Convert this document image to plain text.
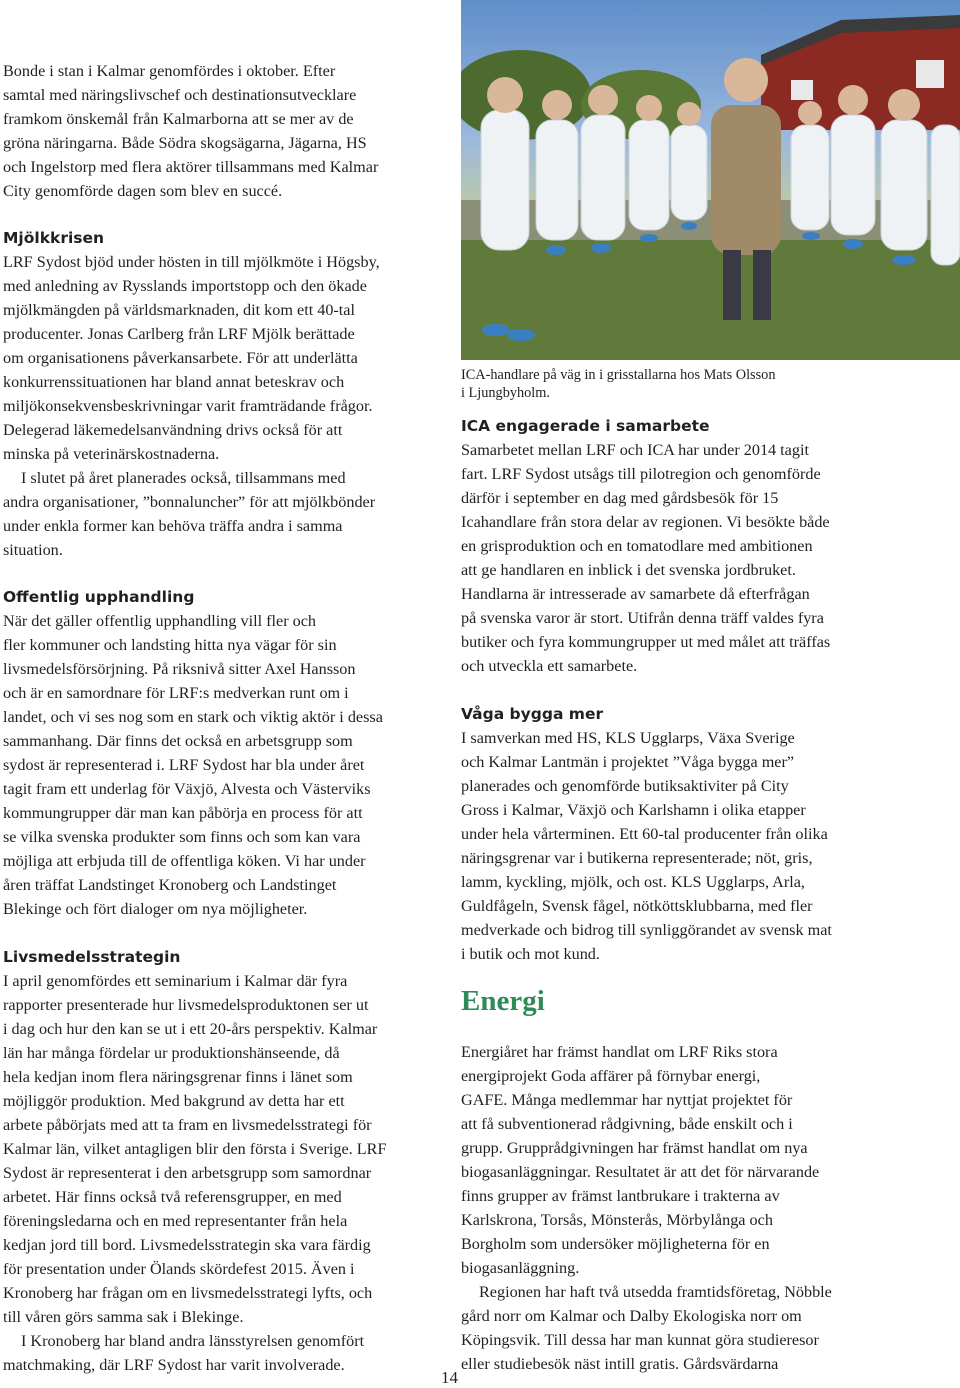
Bonde i stan i Kalmar genomfördes i oktober. Efter
samtal med näringslivschef och destinationsutvecklare
framkom önskemål från Kalmarborna att se mer av de
gröna näringarna. Både Södra skogsägarna, Jägarna, HS
och Ingelstorp med flera aktörer tillsammans med Kalmar
City genomförde dagen som blev en succé.
Mjölkkrisen
LRF Sydost bjöd under hösten in till mjölkmöte i Högsby,
med anledning av Rysslands importstopp och den ökade
mjölkmängden på världsmarknaden, dit kom ett 40-tal
producenter. Jonas Carlberg från LRF Mjölk berättade
om organisationens påverkansarbete. För att underlätta
konkurrenssituationen har bland annat beteskrav och
miljökonsekvensbeskrivningar varit framträdande frågor.
Delegerad läkemedelsanvändning drivs också för att
minska på veterinärskostnaderna.
I slutet på året planerades också, tillsammans med
andra organisationer, ”bonnaluncher” för att mjölkbönder
under enkla former kan behöva träffa andra i samma
situation.
Offentlig upphandling
När det gäller offentlig upphandling vill fler och
fler kommuner och landsting hitta nya vägar för sin
livsmedelsförsörjning. På riksnivå sitter Axel Hansson
och är en samordnare för LRF:s medverkan runt om i
landet, och vi ses nog som en stark och viktig aktör i dessa
sammanhang. Där finns det också en arbetsgrupp som
sydost är representerad i. LRF Sydost har bla under året
tagit fram ett underlag för Växjö, Alvesta och Västerviks
kommungrupper där man kan påbörja en process för att
se vilka svenska produkter som finns och som kan vara
möjliga att erbjuda till de offentliga köken. Vi har under
åren träffat Landstinget Kronoberg och Landstinget
Blekinge och fört dialoger om nya möjligheter.
Livsmedelsstrategin
I april genomfördes ett seminarium i Kalmar där fyra
rapporter presenterade hur livsmedelsproduktonen ser ut
i dag och hur den kan se ut i ett 20-års perspektiv. Kalmar
län har många fördelar ur produktionshänseende, då
hela kedjan inom flera näringsgrenar finns i länet som
möjliggör produktion. Med bakgrund av detta har ett
arbete påbörjats med att ta fram en livsmedelsstrategi för
Kalmar län, vilket antagligen blir den första i Sverige. LRF
Sydost är representerat i den arbetsgrupp som samordnar
arbetet. Här finns också två referensgrupper, en med
föreningsledarna och en med representanter från hela
kedjan jord till bord. Livsmedelsstrategin ska vara färdig
för presentation under Ölands skördefest 2015. Även i
Kronoberg har frågan om en livsmedelsstrategi lyfts, och
till våren görs samma sak i Blekinge.
I Kronoberg har bland andra länsstyrelsen genomfört
matchmaking, där LRF Sydost har varit involverade.
ICA-handlare på väg in i grisstallarna hos Mats Olsson
i Ljungbyholm.
ICA engagerade i samarbete
Samarbetet mellan LRF och ICA har under 2014 tagit
fart. LRF Sydost utsågs till pilotregion och genomförde
därför i september en dag med gårdsbesök för 15
Icahandlare från stora delar av regionen. Vi besökte både
en grisproduktion och en tomatodlare med ambitionen
att ge handlaren en inblick i det svenska jordbruket.
Handlarna är intresserade av samarbete då efterfrågan
på svenska varor är stort. Utifrån denna träff valdes fyra
butiker och fyra kommungrupper ut med målet att träffas
och utveckla ett samarbete.
Våga bygga mer
I samverkan med HS, KLS Ugglarps, Växa Sverige
och Kalmar Lantmän i projektet ”Våga bygga mer”
planerades och genomförde butiksaktiviter på City
Gross i Kalmar, Växjö och Karlshamn i olika etapper
under hela vårterminen. Ett 60-tal producenter från olika
näringsgrenar var i butikerna representerade; nöt, gris,
lamm, kyckling, mjölk, och ost. KLS Ugglarps, Arla,
Guldfågeln, Svensk fågel, nötköttsklubbarna, med fler
medverkade och bidrog till synliggörandet av svensk mat
i butik och mot kund.
Energi
Energiåret har främst handlat om LRF Riks stora
energiprojekt Goda affärer på förnybar energi,
GAFE. Många medlemmar har nyttjat projektet för
att få subventionerad rådgivning, både enskilt och i
grupp. Grupprådgivningen har främst handlat om nya
biogasanläggningar. Resultatet är att det för närvarande
finns grupper av främst lantbrukare i trakterna av
Karlskrona, Torsås, Mönsterås, Mörbylånga och
Borgholm som undersöker möjligheterna för en
biogasanläggning.
Regionen har haft två utsedda framtidsföretag, Nöbble
gård norr om Kalmar och Dalby Ekologiska norr om
Köpingsvik. Till dessa har man kunnat göra studieresor
eller studiebesök näst intill gratis. Gårdsvärdarna
14
